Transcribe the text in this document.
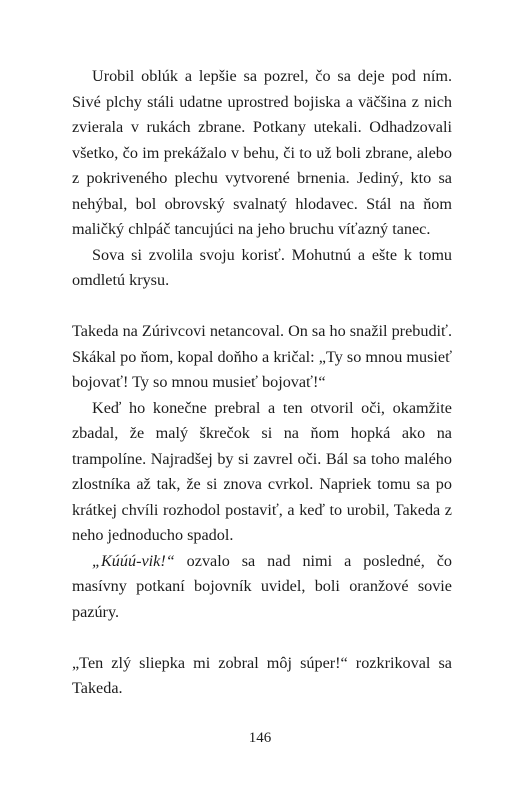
Urobil oblúk a lepšie sa pozrel, čo sa deje pod ním. Sivé plchy stáli udatne uprostred bojiska a väčšina z nich zvierala v rukách zbrane. Potkany utekali. Odhadzovali všetko, čo im prekážalo v behu, či to už boli zbrane, alebo z pokriveného plechu vytvorené brnenia. Jediný, kto sa nehýbal, bol obrovský svalnatý hlodavec. Stál na ňom maličký chlpáč tancujúci na jeho bruchu víťazný tanec.

Sova si zvolila svoju korisť. Mohutnú a ešte k tomu omdletú krysu.

Takeda na Zúrivcovi netancoval. On sa ho snažil prebudiť. Skákal po ňom, kopal doňho a kričal: „Ty so mnou musieť bojovať! Ty so mnou musieť bojovať!“

Keď ho konečne prebral a ten otvoril oči, okamžite zbadal, že malý škrečok si na ňom hopká ako na trampolíne. Najradšej by si zavrel oči. Bál sa toho malého zlostníka až tak, že si znova cvrkol. Napriek tomu sa po krátkej chvíli rozhodol postaviť, a keď to urobil, Takeda z neho jednoducho spadol.

„Kúúú-vik!“ ozvalo sa nad nimi a posledné, čo masívny potkaní bojovník uvidel, boli oranžové sovie pazúry.

„Ten zlý sliepka mi zobral môj súper!“ rozkrikoval sa Takeda.

146
